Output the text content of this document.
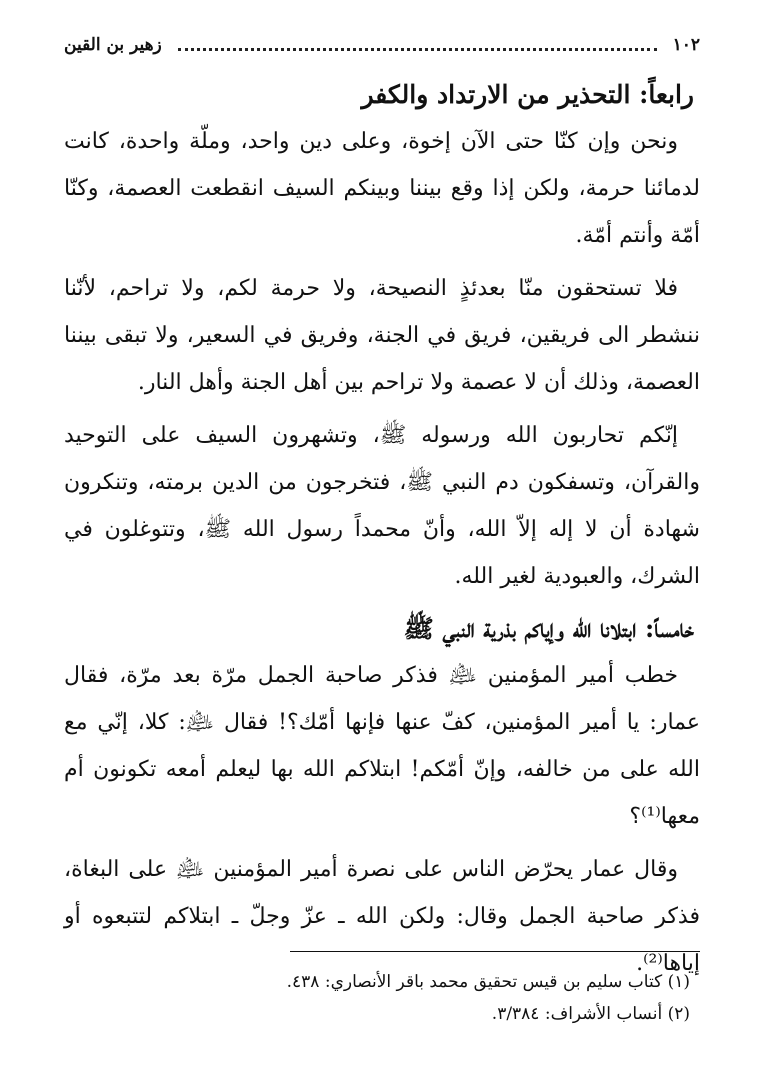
١٠٢
زهير بن القين
رابعاً: التحذير من الارتداد والكفر

ونحن وإن كنّا حتى الآن إخوة، وعلى دين واحد، وملّة واحدة، كانت لدمائنا حرمة، ولكن إذا وقع بيننا وبينكم السيف انقطعت العصمة، وكنّا أمّة وأنتم أمّة.

فلا تستحقون منّا بعدئذٍ النصيحة، ولا حرمة لكم، ولا تراحم، لأنّنا ننشطر الى فريقين، فريق في الجنة، وفريق في السعير، ولا تبقى بيننا العصمة، وذلك أن لا عصمة ولا تراحم بين أهل الجنة وأهل النار.

إنّكم تحاربون الله ورسوله ﷺ، وتشهرون السيف على التوحيد والقرآن، وتسفكون دم النبي ﷺ، فتخرجون من الدين برمته، وتنكرون شهادة أن لا إله إلاّ الله، وأنّ محمداً رسول الله ﷺ، وتتوغلون في الشرك، والعبودية لغير الله.

خامساً: ابتلانا الله وإياكم بذرية النبي ﷺ

خطب أمير المؤمنين ﵇ فذكر صاحبة الجمل مرّة بعد مرّة، فقال عمار: يا أمير المؤمنين، كفّ عنها فإنها أمّك؟! فقال ﵇: كلا، إنّي مع الله على من خالفه، وإنّ أمّكم! ابتلاكم الله بها ليعلم أمعه تكونون أم معها⁽¹⁾؟

وقال عمار يحرّض الناس على نصرة أمير المؤمنين ﵇ على البغاة، فذكر صاحبة الجمل وقال: ولكن الله ـ عزّ وجلّ ـ ابتلاكم لتتبعوه أو إياها⁽²⁾.

(١) كتاب سليم بن قيس تحقيق محمد باقر الأنصاري: ٤٣٨.

(٢) أنساب الأشراف: ٣/٣٨٤.
